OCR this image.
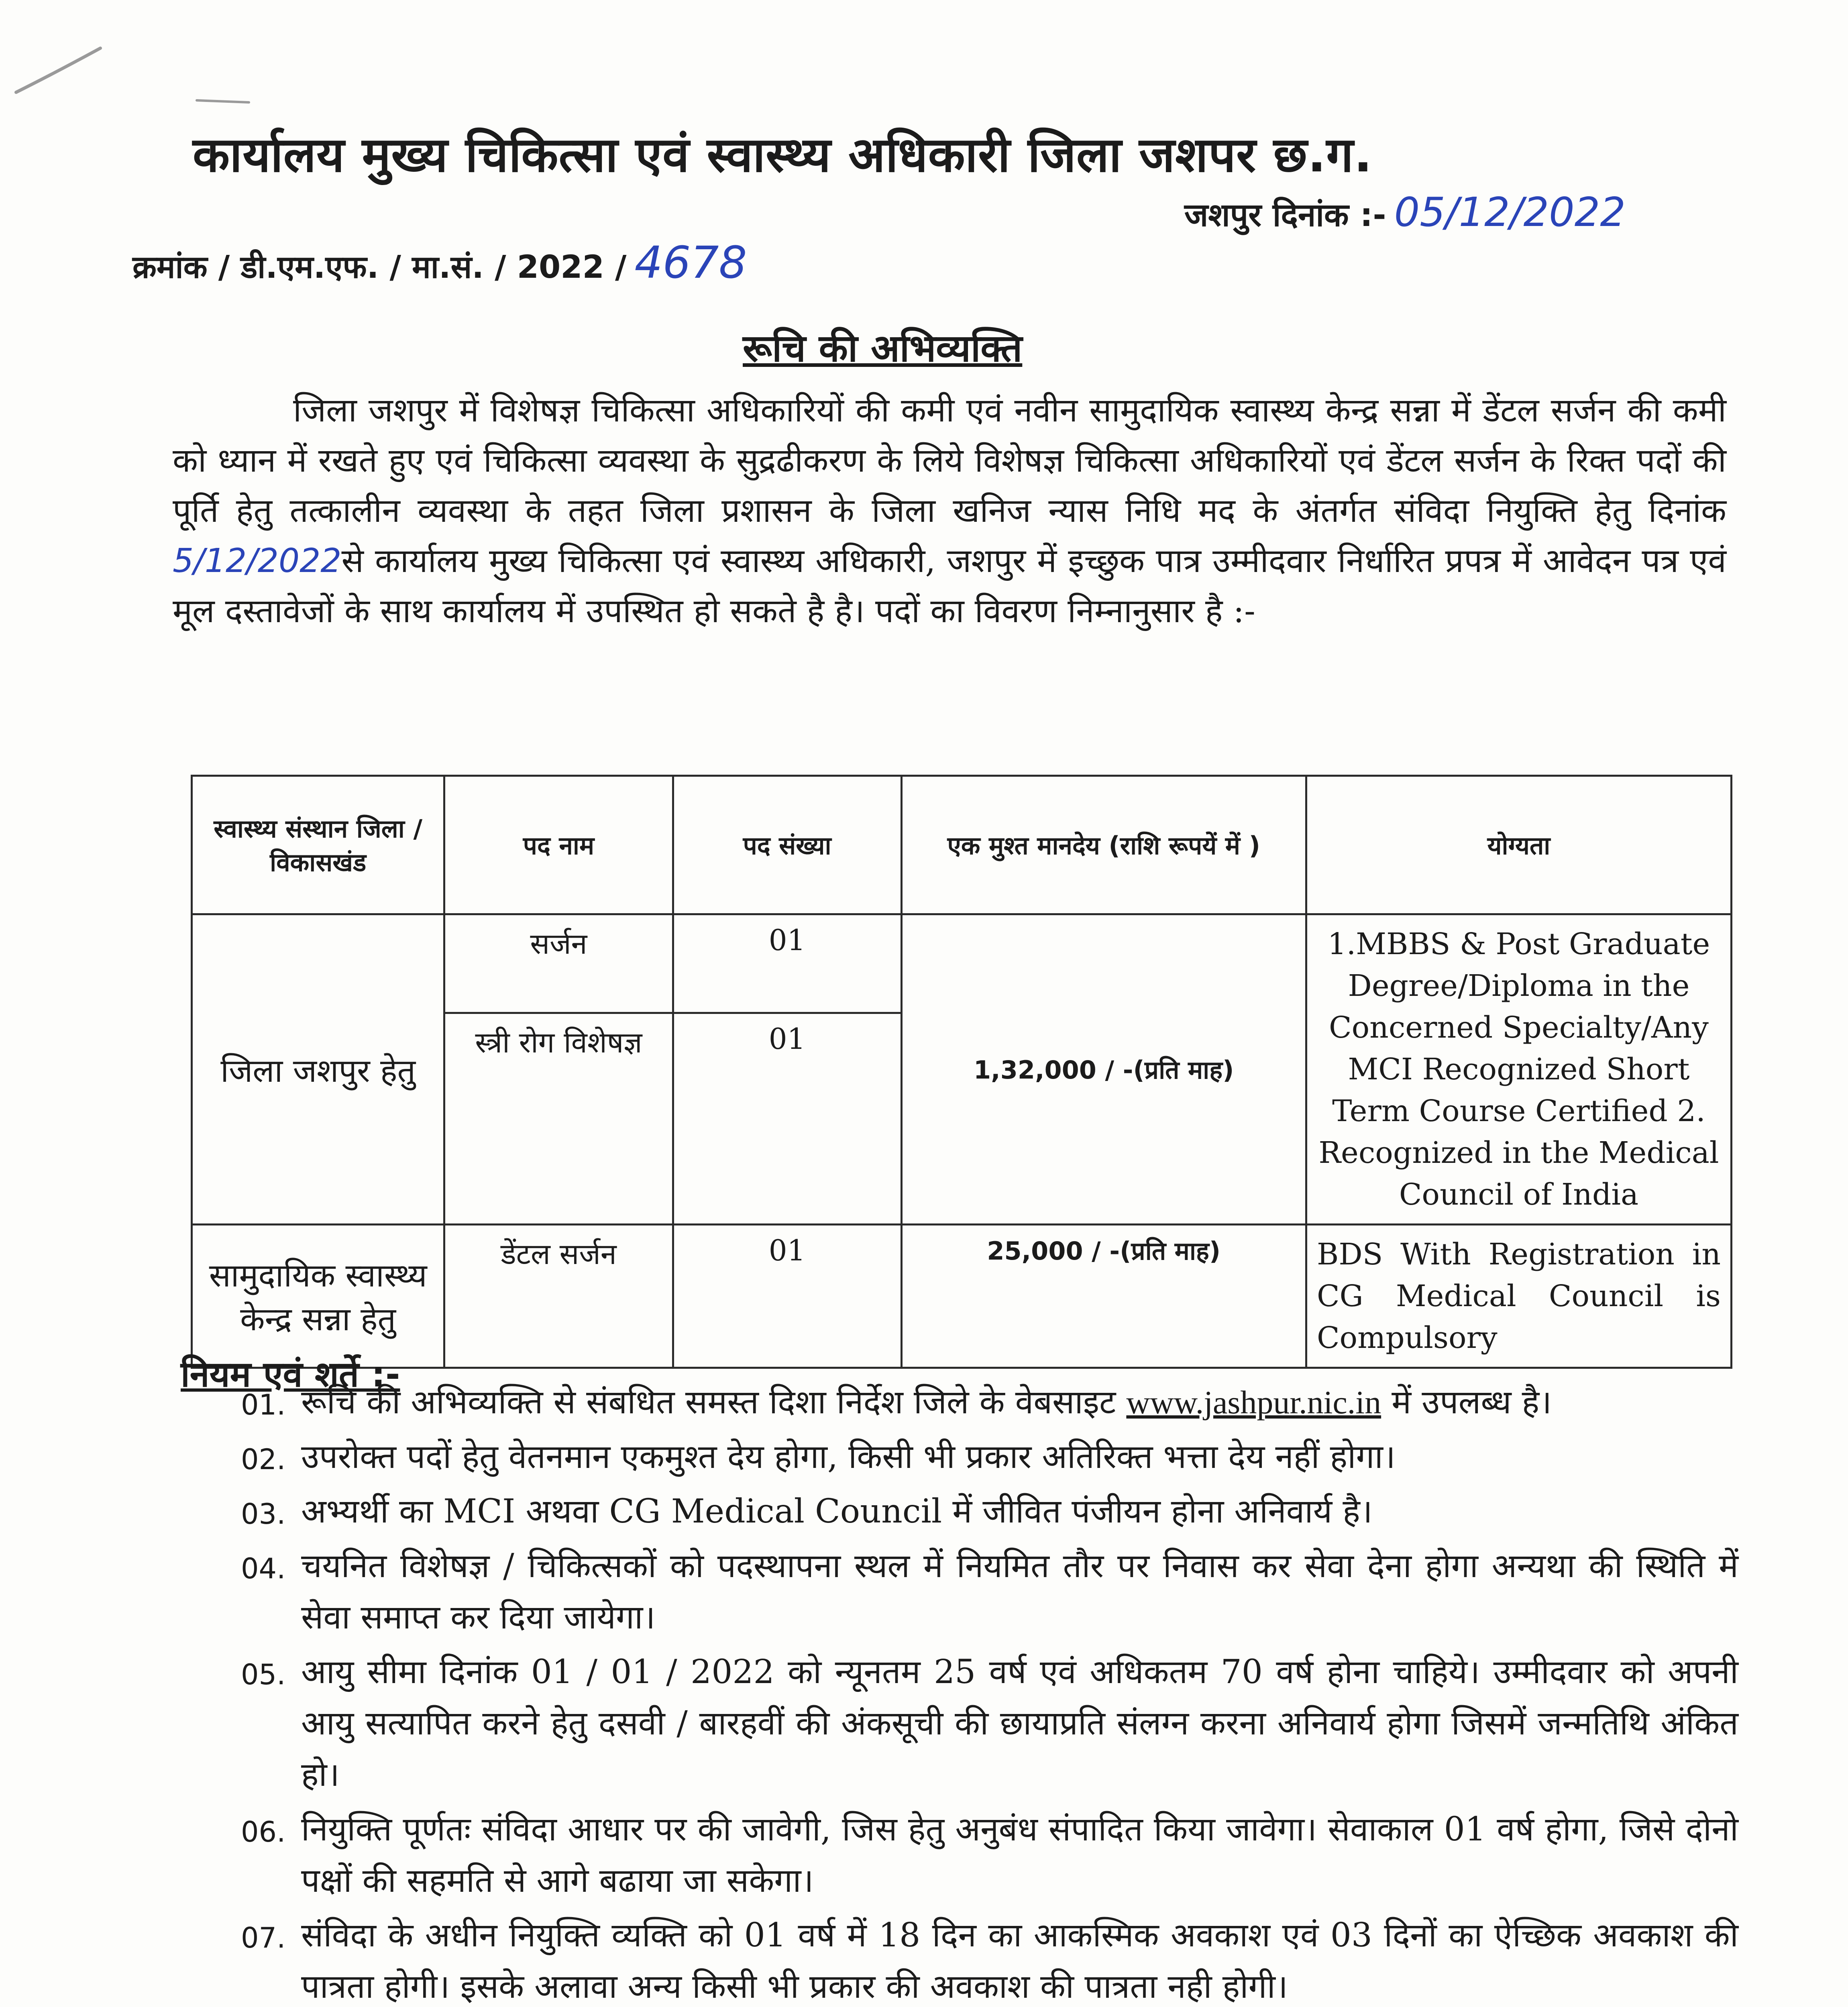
कार्यालय मुख्य चिकित्सा एवं स्वास्थ्य अधिकारी जिला जशपर छ.ग.
क्रमांक / डी.एम.एफ. / मा.सं. / 2022 / 4678
जशपुर दिनांक :- 05/12/2022
रूचि की अभिव्यक्ति
जिला जशपुर में विशेषज्ञ चिकित्सा अधिकारियों की कमी एवं नवीन सामुदायिक स्वास्थ्य केन्द्र सन्ना में डेंटल सर्जन की कमी को ध्यान में रखते हुए एवं चिकित्सा व्यवस्था के सुद्रढीकरण के लिये विशेषज्ञ चिकित्सा अधिकारियों एवं डेंटल सर्जन के रिक्त पदों की पूर्ति हेतु तत्कालीन व्यवस्था के तहत जिला प्रशासन के जिला खनिज न्यास निधि मद के अंतर्गत संविदा नियुक्ति हेतु दिनांक 5/12/2022से कार्यालय मुख्य चिकित्सा एवं स्वास्थ्य अधिकारी, जशपुर में इच्छुक पात्र उम्मीदवार निर्धारित प्रपत्र में आवेदन पत्र एवं मूल दस्तावेजों के साथ कार्यालय में उपस्थित हो सकते है है। पदों का विवरण निम्नानुसार है :-
स्वास्थ्य संस्थान जिला / विकासखंड	पद नाम	पद संख्या	एक मुश्त मानदेय (राशि रूपयें में )	योग्यता
जिला जशपुर हेतु	सर्जन	01	1,32,000 / -(प्रति माह)	1.MBBS & Post Graduate Degree/Diploma in the Concerned Specialty/Any MCI Recognized Short Term Course Certified 2. Recognized in the Medical Council of India
	स्त्री रोग विशेषज्ञ	01		
सामुदायिक स्वास्थ्य केन्द्र सन्ना हेतु	डेंटल सर्जन	01	25,000 / -(प्रति माह)	BDS With Registration in CG Medical Council is Compulsory
नियम एवं शर्ते :-
01. रूचि की अभिव्यक्ति से संबधित समस्त दिशा निर्देश जिले के वेबसाइट www.jashpur.nic.in में उपलब्ध है।
02. उपरोक्त पदों हेतु वेतनमान एकमुश्त देय होगा, किसी भी प्रकार अतिरिक्त भत्ता देय नहीं होगा।
03. अभ्यर्थी का MCI अथवा CG Medical Council में जीवित पंजीयन होना अनिवार्य है।
04. चयनित विशेषज्ञ / चिकित्सकों को पदस्थापना स्थल में नियमित तौर पर निवास कर सेवा देना होगा अन्यथा की स्थिति में सेवा समाप्त कर दिया जायेगा।
05. आयु सीमा दिनांक 01 / 01 / 2022 को न्यूनतम 25 वर्ष एवं अधिकतम 70 वर्ष होना चाहिये। उम्मीदवार को अपनी आयु सत्यापित करने हेतु दसवी / बारहवीं की अंकसूची की छायाप्रति संलग्न करना अनिवार्य होगा जिसमें जन्मतिथि अंकित हो।
06. नियुक्ति पूर्णतः संविदा आधार पर की जावेगी, जिस हेतु अनुबंध संपादित किया जावेगा। सेवाकाल 01 वर्ष होगा, जिसे दोनो पक्षों की सहमति से आगे बढाया जा सकेगा।
07. संविदा के अधीन नियुक्ति व्यक्ति को 01 वर्ष में 18 दिन का आकस्मिक अवकाश एवं 03 दिनों का ऐच्छिक अवकाश की पात्रता होगी। इसके अलावा अन्य किसी भी प्रकार की अवकाश की पात्रता नही होगी।
